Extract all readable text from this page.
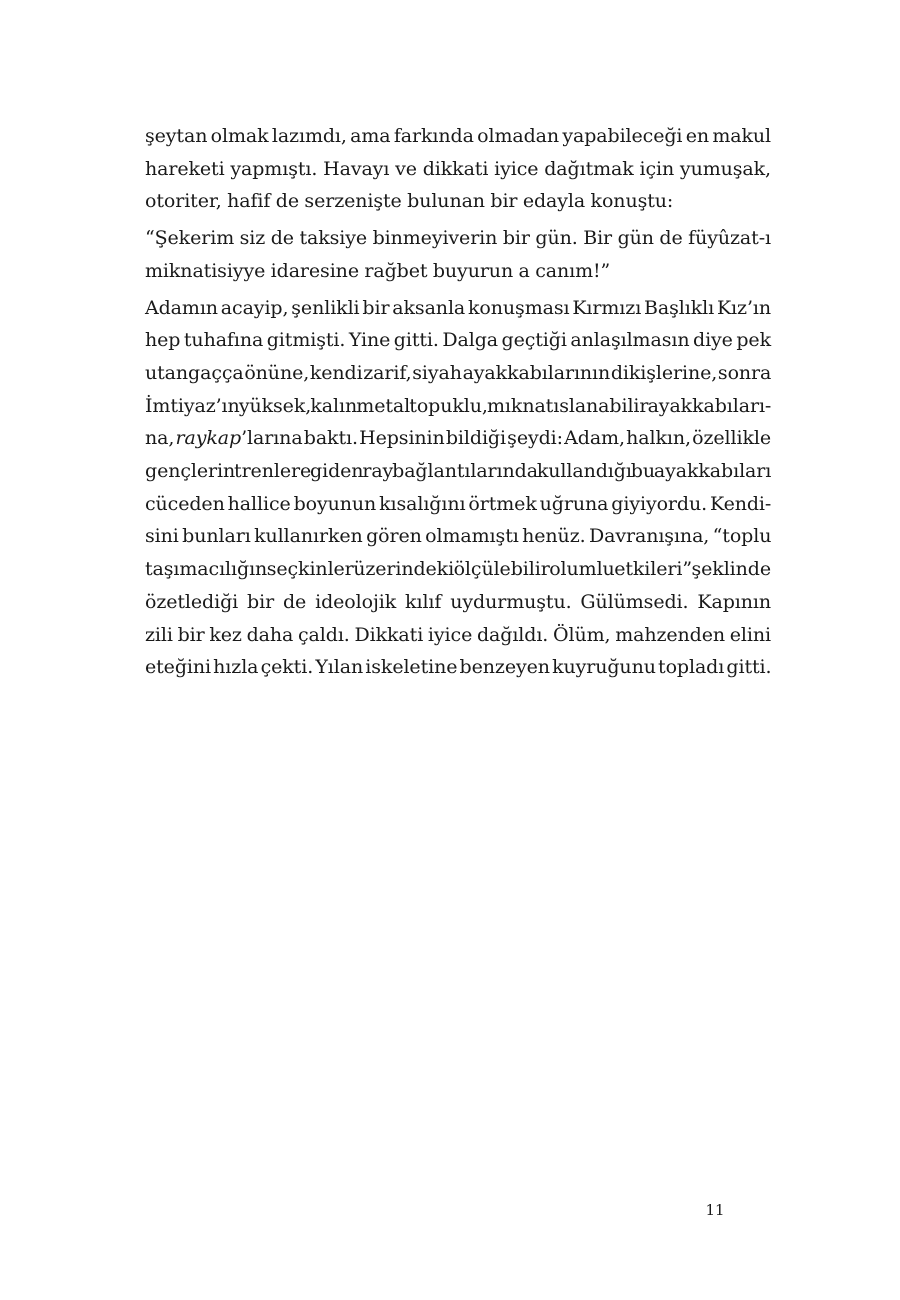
şeytan olmak lazımdı, ama farkında olmadan yapabileceği en makul
hareketi yapmıştı. Havayı ve dikkati iyice dağıtmak için yumuşak,
otoriter, hafif de serzenişte bulunan bir edayla konuştu:

“Şekerim siz de taksiye binmeyiverin bir gün. Bir gün de füyûzat-ı
miknatisiyye idaresine rağbet buyurun a canım!”

Adamın acayip, şenlikli bir aksanla konuşması Kırmızı Başlıklı Kız’ın
hep tuhafına gitmişti. Yine gitti. Dalga geçtiği anlaşılmasın diye pek
utangaçça önüne, kendi zarif, siyah ayakkabılarının dikişlerine, sonra
İmtiyaz’ın yüksek, kalın metal topuklu, mıknatıslanabilir ayakkabıları-
na, raykap’larına baktı. Hepsinin bildiği şeydi: Adam, halkın, özellikle
gençlerin trenlere giden ray bağlantılarında kullandığı bu ayakkabıları
cüceden hallice boyunun kısalığını örtmek uğruna giyiyordu. Kendi-
sini bunları kullanırken gören olmamıştı henüz. Davranışına, “toplu
taşımacılığın seçkinler üzerindeki ölçülebilir olumlu etkileri” şeklinde
özetlediği bir de ideolojik kılıf uydurmuştu. Gülümsedi. Kapının
zili bir kez daha çaldı. Dikkati iyice dağıldı. Ölüm, mahzenden elini
eteğini hızla çekti. Yılan iskeletine benzeyen kuyruğunu topladı gitti.

11
